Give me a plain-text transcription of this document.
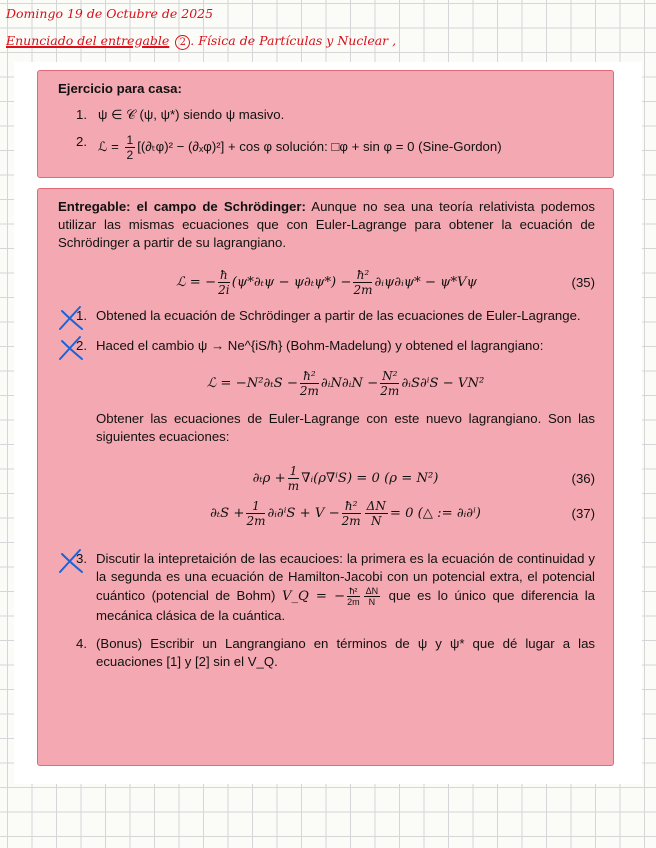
Domingo 19 de Octubre de 2025
Enunciado del entregable 2 . Física de Partículas y Nuclear ,
Ejercicio para casa:
1. ψ ∈ 𝒞 (ψ, ψ*) siendo ψ masivo.
2. ℒ = $\frac{1}{2} [(\partial_t\varphi)^2 - (\partial_x\varphi)^2] + \cos \varphi$ solución: □φ + sin φ = 0 (Sine-Gordon)
Entregable: el campo de Schrödinger: Aunque no sea una teoría relativista podemos utilizar las mismas ecuaciones que con Euler-Lagrange para obtener la ecuación de Schrödinger a partir de su lagrangiano.
ℒ = − $\frac{ħ}{2i} (\psi*\partial_t\psi - \psi\partial_t\psi*) - \frac{\text{ħ²}}{2m}$ ∂ᵢψ∂ᵢψ* − ψ*Vψ	(35)
1. Obtened la ecuación de Schrödinger a partir de las ecuaciones de Euler-Lagrange.
2. Haced el cambio ψ → Ne^{iS/ħ} (Bohm-Madelung) y obtened el lagrangiano:
ℒ = $-N^2\partial_tS - \frac{\text{ħ²}}{2m}$ ∂ᵢN∂ᵢN − $\frac{\text{N²}}{2m}$ ∂ᵢS∂ⁱS − VN²
Obtener las ecuaciones de Euler-Lagrange con este nuevo lagrangiano. Son las siguientes ecuaciones:
$\partial_t\rho + \frac{1}{m}$ ∇ᵢ(ρ∇ⁱS) = 0 (ρ = N²)	(36)
$\partial_tS + \frac{1}{2m}$ ∂ᵢ∂ⁱS + $V - \frac{\text{ħ²}}{2m} \frac{\Delta N}{N} = 0$ (△ := ∂ᵢ∂ⁱ)	(37)
3. Discutir la intepretaición de las ecaucioes: la primera es la ecuación de continuidad y la segunda es una ecuación de Hamilton-Jacobi con un potencial extra, el potencial cuántico (potencial de Bohm) V_Q = − $\frac{\text{ħ²}}{2m} \frac{\Delta N}{N}$ que es lo único que diferencia la mecánica clásica de la cuántica.
4. (Bonus) Escribir un Langrangiano en términos de ψ y ψ* que dé lugar a las ecuaciones [1] y [2] sin el V_Q.
